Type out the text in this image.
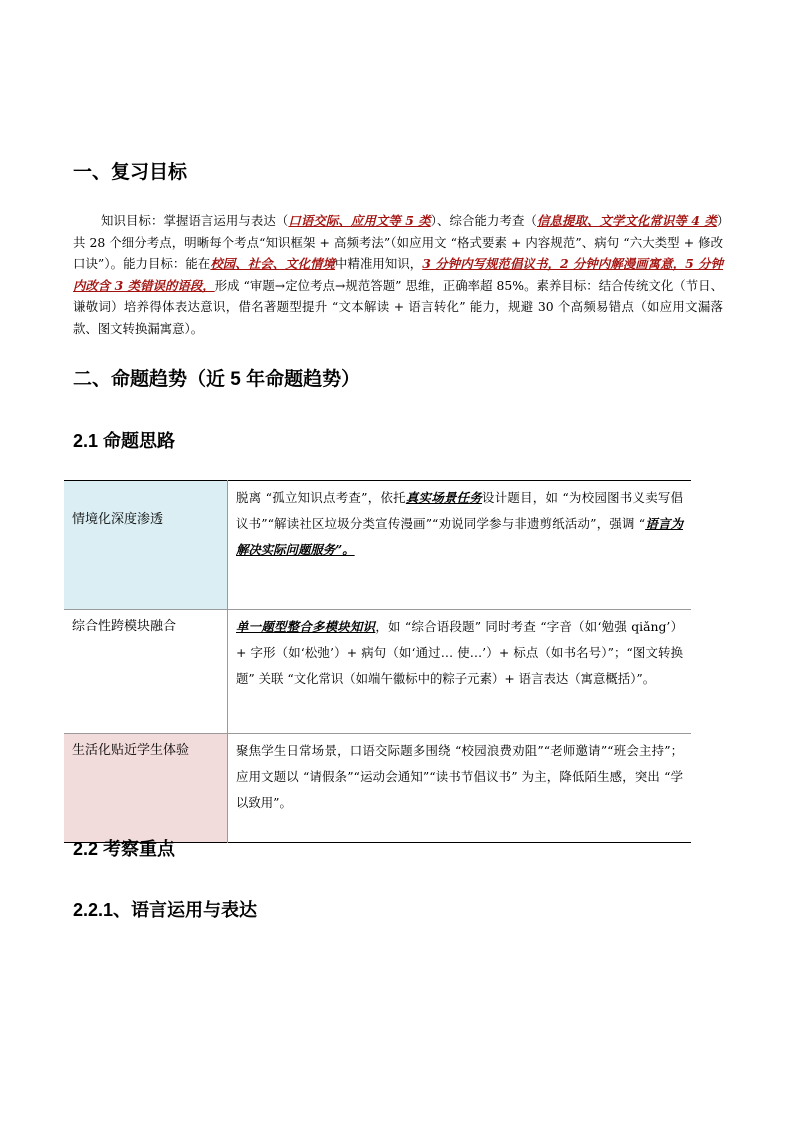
一、复习目标

知识目标：掌握语言运用与表达（口语交际、应用文等 5 类）、综合能力考查（信息提取、文学文化常识等 4 类）共 28 个细分考点，明晰每个考点“知识框架 + 高频考法”（如应用文 “格式要素 + 内容规范”、病句 “六大类型 + 修改口诀”）。能力目标：能在校园、社会、文化情境中精准用知识，3 分钟内写规范倡议书，2 分钟内解漫画寓意，5 分钟内改含 3 类错误的语段，形成 “审题→定位考点→规范答题” 思维，正确率超 85%。素养目标：结合传统文化（节日、谦敬词）培养得体表达意识，借名著题型提升 “文本解读 + 语言转化” 能力，规避 30 个高频易错点（如应用文漏落款、图文转换漏寓意）。

二、命题趋势（近 5 年命题趋势）
2.1 命题思路
情境化深度渗透	脱离 “孤立知识点考查”，依托真实场景任务设计题目，如 “为校园图书义卖写倡议书”“解读社区垃圾分类宣传漫画”“劝说同学参与非遗剪纸活动”，强调 “语言为解决实际问题服务”。
综合性跨模块融合	单一题型整合多模块知识，如 “综合语段题” 同时考查 “字音（如‘勉强 qiǎng’）+ 字形（如‘松弛’）+ 病句（如‘通过… 使…’）+ 标点（如书名号）”；“图文转换题” 关联 “文化常识（如端午徽标中的粽子元素）+ 语言表达（寓意概括）”。
生活化贴近学生体验	聚焦学生日常场景，口语交际题多围绕 “校园浪费劝阻”“老师邀请”“班会主持”；应用文题以 “请假条”“运动会通知”“读书节倡议书” 为主，降低陌生感，突出 “学以致用”。
2.2 考察重点
2.2.1、语言运用与表达
